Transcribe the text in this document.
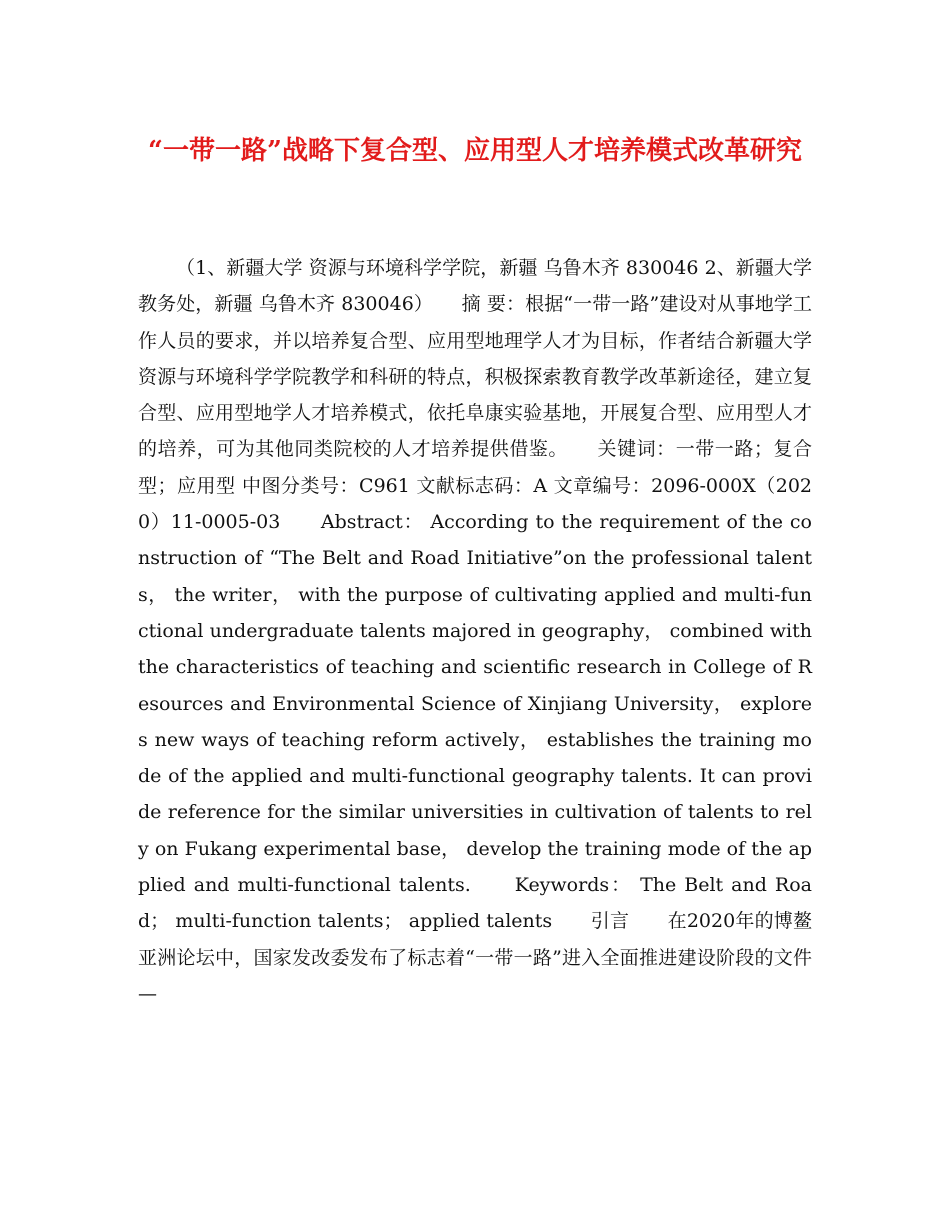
“一带一路”战略下复合型、应用型人才培养模式改革研究

（1、新疆大学 资源与环境科学学院，新疆 乌鲁木齐 830046 2、新疆大学 教务处，新疆 乌鲁木齐 830046）　　摘 要：根据“一带一路”建设对从事地学工作人员的要求，并以培养复合型、应用型地理学人才为目标，作者结合新疆大学资源与环境科学学院教学和科研的特点，积极探索教育教学改革新途径，建立复合型、应用型地学人才培养模式，依托阜康实验基地，开展复合型、应用型人才的培养，可为其他同类院校的人才培养提供借鉴。　　关键词：一带一路；复合型；应用型 中图分类号：C961 文献标志码：A 文章编号：2096-000X（2020）11-0005-03　　Abstract： According to the requirement of the construction of “The Belt and Road Initiative”on the professional talents， the writer， with the purpose of cultivating applied and multi-functional undergraduate talents majored in geography， combined with the characteristics of teaching and scientific research in College of Resources and Environmental Science of Xinjiang University， explores new ways of teaching reform actively， establishes the training mode of the applied and multi-functional geography talents. It can provide reference for the similar universities in cultivation of talents to rely on Fukang experimental base， develop the training mode of the applied and multi-functional talents.　　Keywords： The Belt and Road； multi-function talents； applied talents　　引言　　在2020年的博鳌亚洲论坛中，国家发改委发布了标志着“一带一路”进入全面推进建设阶段的文件—
